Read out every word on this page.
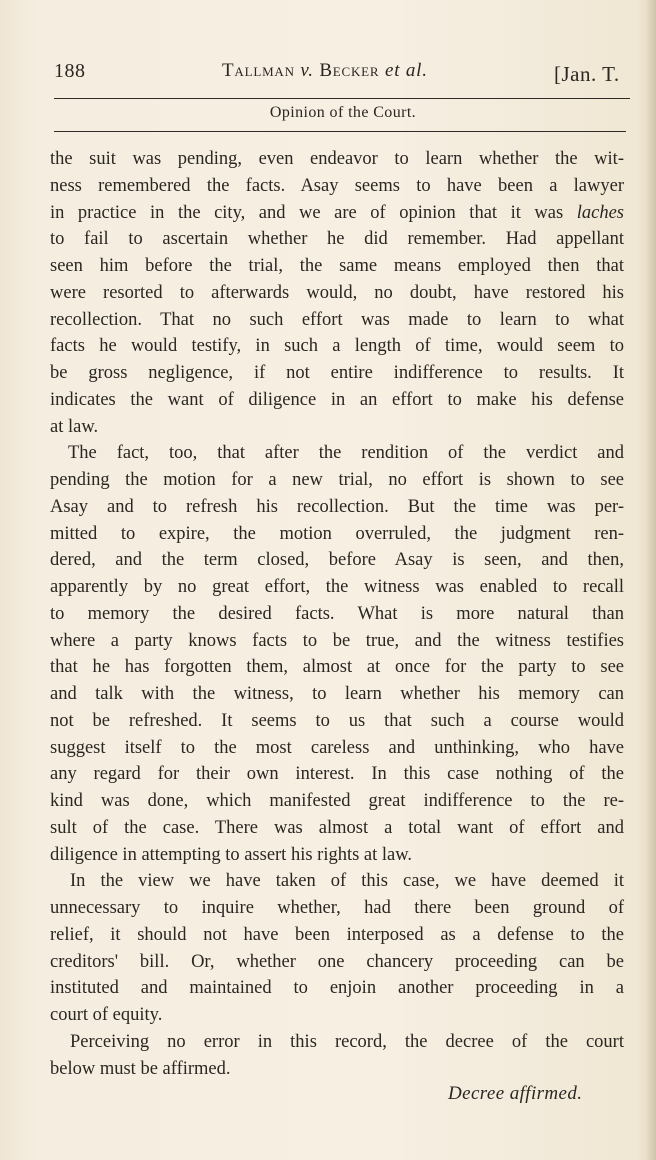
188	Tallman v. Becker et al.	[Jan. T.
Opinion of the Court.
the suit was pending, even endeavor to learn whether the wit-
ness remembered the facts. Asay seems to have been a lawyer
in practice in the city, and we are of opinion that it was laches
to fail to ascertain whether he did remember. Had appellant
seen him before the trial, the same means employed then that
were resorted to afterwards would, no doubt, have restored his
recollection. That no such effort was made to learn to what
facts he would testify, in such a length of time, would seem to
be gross negligence, if not entire indifference to results. It
indicates the want of diligence in an effort to make his defense
at law.
The fact, too, that after the rendition of the verdict and
pending the motion for a new trial, no effort is shown to see
Asay and to refresh his recollection. But the time was per-
mitted to expire, the motion overruled, the judgment ren-
dered, and the term closed, before Asay is seen, and then,
apparently by no great effort, the witness was enabled to recall
to memory the desired facts. What is more natural than
where a party knows facts to be true, and the witness testifies
that he has forgotten them, almost at once for the party to see
and talk with the witness, to learn whether his memory can
not be refreshed. It seems to us that such a course would
suggest itself to the most careless and unthinking, who have
any regard for their own interest. In this case nothing of the
kind was done, which manifested great indifference to the re-
sult of the case. There was almost a total want of effort and
diligence in attempting to assert his rights at law.
In the view we have taken of this case, we have deemed it
unnecessary to inquire whether, had there been ground of
relief, it should not have been interposed as a defense to the
creditors' bill. Or, whether one chancery proceeding can be
instituted and maintained to enjoin another proceeding in a
court of equity.
Perceiving no error in this record, the decree of the court
below must be affirmed.
Decree affirmed.
